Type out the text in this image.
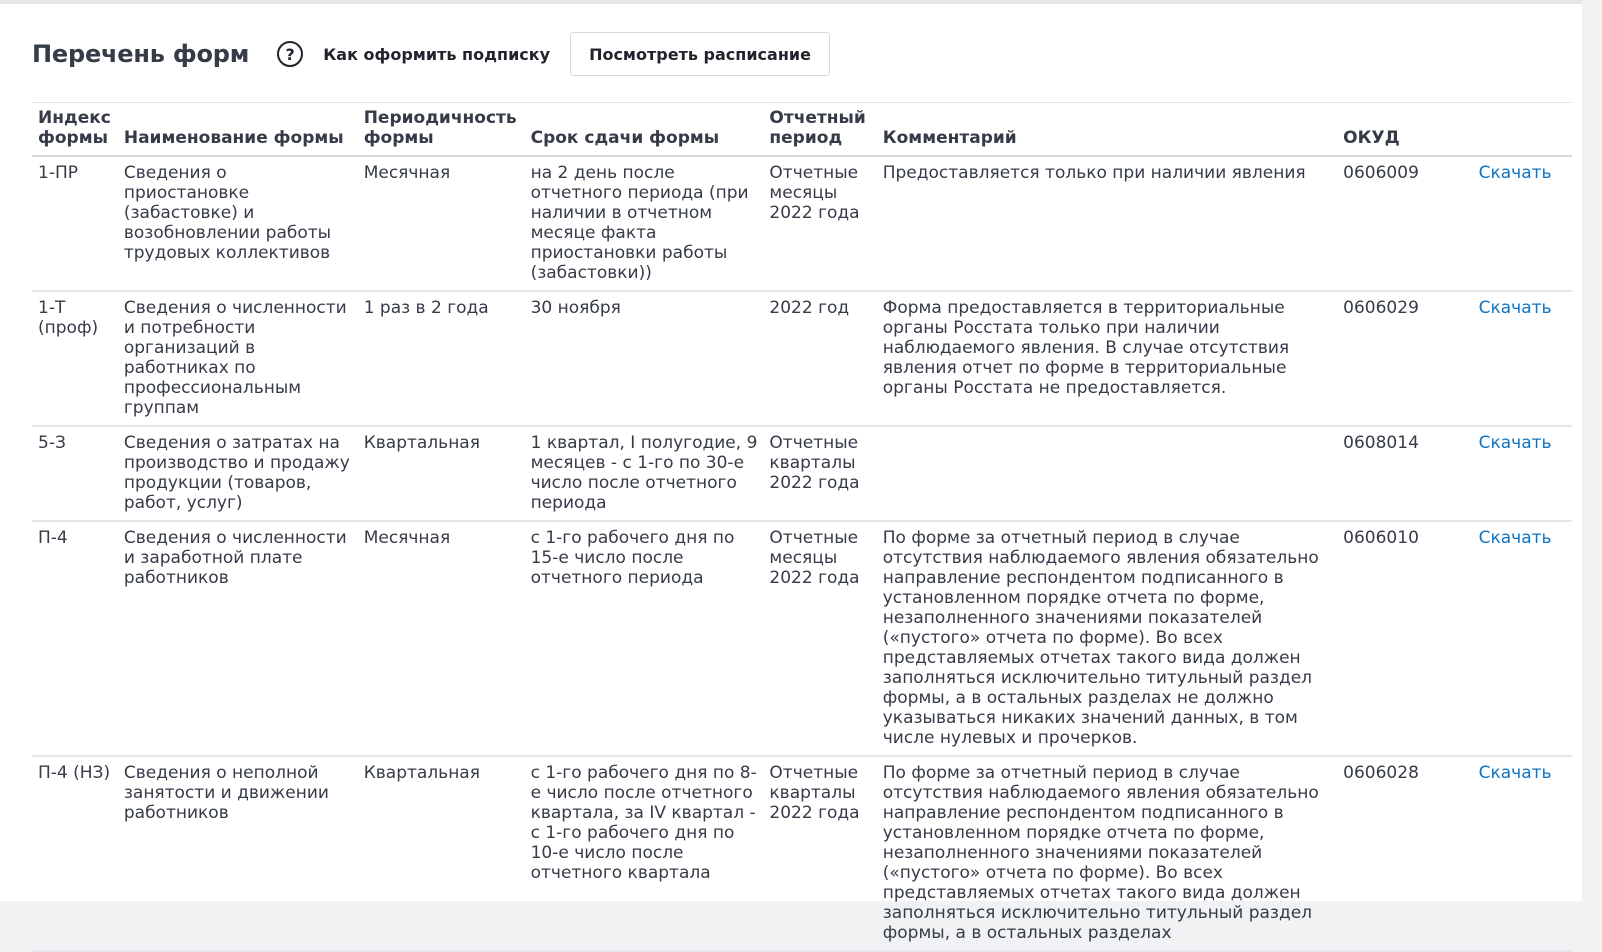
Перечень форм	?	Как оформить подписку	Посмотреть расписание
Индекс формы	Наименование формы	Периодичность формы	Срок сдачи формы	Отчетный период	Комментарий	ОКУД	
1-ПР	Сведения о приостановке (забастовке) и возобновлении работы трудовых коллективов	Месячная	на 2 день после отчетного периода (при наличии в отчетном месяце факта приостановки работы (забастовки))	Отчетные месяцы 2022 года	Предоставляется только при наличии явления	0606009	Скачать
1-Т (проф)	Сведения о численности и потребности организаций в работниках по профессиональным группам	1 раз в 2 года	30 ноября	2022 год	Форма предоставляется в территориальные органы Росстата только при наличии наблюдаемого явления. В случае отсутствия явления отчет по форме в территориальные органы Росстата не предоставляется.	0606029	Скачать
5-З	Сведения о затратах на производство и продажу продукции (товаров, работ, услуг)	Квартальная	1 квартал, I полугодие, 9 месяцев - с 1-го по 30-е число после отчетного периода	Отчетные кварталы 2022 года		0608014	Скачать
П-4	Сведения о численности и заработной плате работников	Месячная	с 1-го рабочего дня по 15-е число после отчетного периода	Отчетные месяцы 2022 года	По форме за отчетный период в случае отсутствия наблюдаемого явления обязательно направление респондентом подписанного в установленном порядке отчета по форме, незаполненного значениями показателей («пустого» отчета по форме). Во всех представляемых отчетах такого вида должен заполняться исключительно титульный раздел формы, а в остальных разделах не должно указываться никаких значений данных, в том числе нулевых и прочерков.	0606010	Скачать
П-4 (НЗ)	Сведения о неполной занятости и движении работников	Квартальная	с 1-го рабочего дня по 8-е число после отчетного квартала, за IV квартал - с 1-го рабочего дня по 10-е число после отчетного квартала	Отчетные кварталы 2022 года	По форме за отчетный период в случае отсутствия наблюдаемого явления обязательно направление респондентом подписанного в установленном порядке отчета по форме, незаполненного значениями показателей («пустого» отчета по форме). Во всех представляемых отчетах такого вида должен заполняться исключительно титульный раздел формы, а в остальных разделах	0606028	Скачать
